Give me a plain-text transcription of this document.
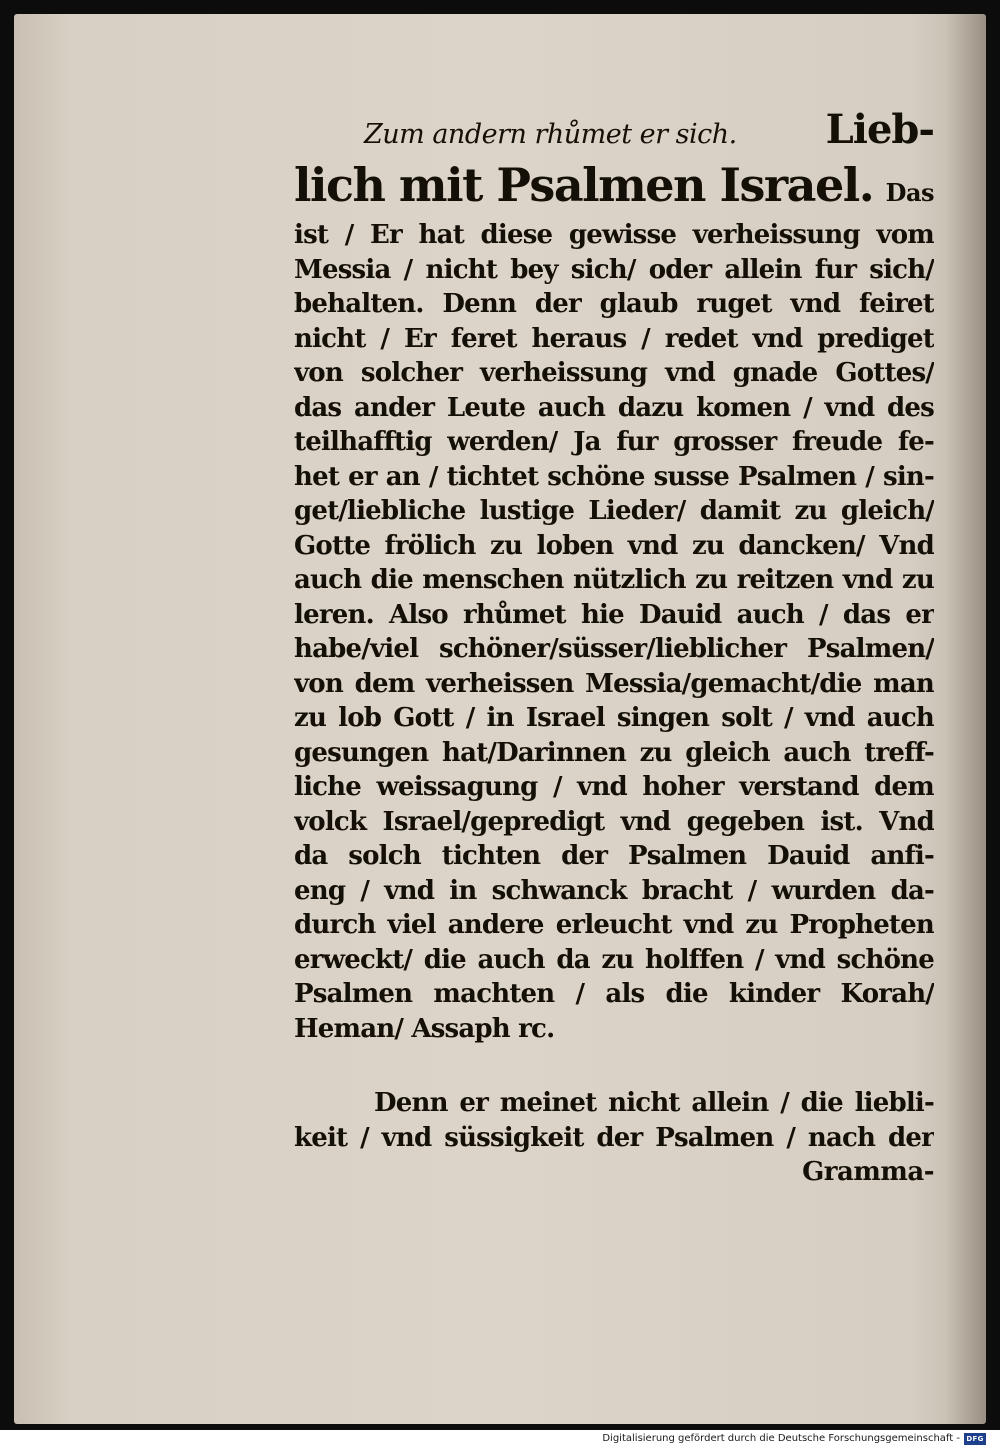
Zum andern rhůmet er sich. Lieb-
lich mit Psalmen Israel. Das
ist / Er hat diese gewisse verheissung vom
Messia / nicht bey sich/ oder allein fur sich/
behalten. Denn der glaub ruget vnd feiret
nicht / Er feret heraus / redet vnd prediget
von solcher verheissung vnd gnade Gottes/
das ander Leute auch dazu komen / vnd des
teilhafftig werden/ Ja fur grosser freude fe-
het er an / tichtet schöne susse Psalmen / sin-
get/liebliche lustige Lieder/ damit zu gleich/
Gotte frölich zu loben vnd zu dancken/ Vnd
auch die menschen nützlich zu reitzen vnd zu
leren. Also rhůmet hie Dauid auch / das er
habe/viel schöner/süsser/lieblicher Psalmen/
von dem verheissen Messia/gemacht/die man
zu lob Gott / in Israel singen solt / vnd auch
gesungen hat/Darinnen zu gleich auch treff-
liche weissagung / vnd hoher verstand dem
volck Israel/gepredigt vnd gegeben ist. Vnd
da solch tichten der Psalmen Dauid anfi-
eng / vnd in schwanck bracht / wurden da-
durch viel andere erleucht vnd zu Propheten
erweckt/ die auch da zu holffen / vnd schöne
Psalmen machten / als die kinder Korah/
Heman/ Assaph rc.
Denn er meinet nicht allein / die liebli-
keit / vnd süssigkeit der Psalmen / nach der
Gramma-
Digitalisierung gefördert durch die Deutsche Forschungsgemeinschaft - DFG
